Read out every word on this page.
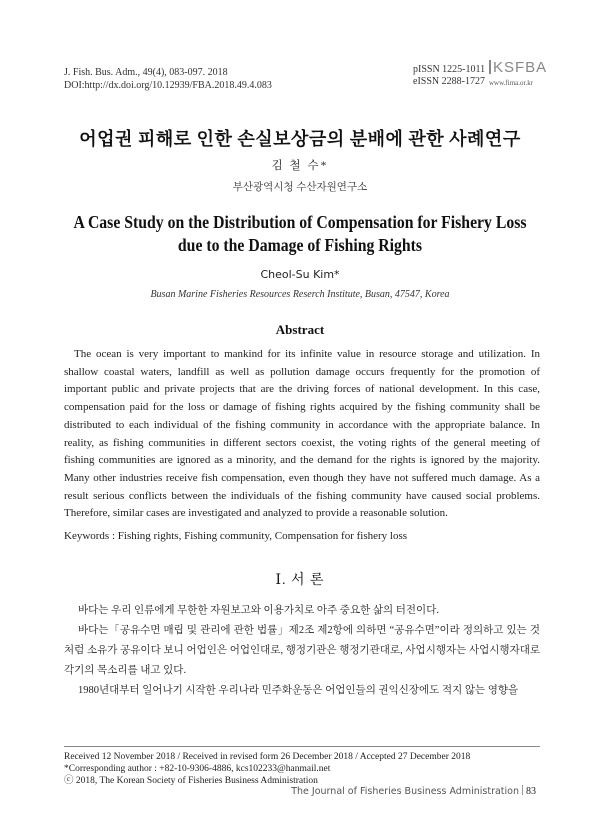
J. Fish. Bus. Adm., 49(4), 083-097. 2018
DOI:http://dx.doi.org/10.12939/FBA.2018.49.4.083
pISSN 1225-1011
eISSN 2288-1727
KSFBA
www.fima.or.kr
어업권 피해로 인한 손실보상금의 분배에 관한 사례연구
김 철 수*
부산광역시청 수산자원연구소
A Case Study on the Distribution of Compensation for Fishery Loss
due to the Damage of Fishing Rights
Cheol-Su Kim*
Busan Marine Fisheries Resources Reserch Institute, Busan, 47547, Korea
Abstract

The ocean is very important to mankind for its infinite value in resource storage and utilization. In shallow coastal waters, landfill as well as pollution damage occurs frequently for the promotion of important public and private projects that are the driving forces of national development. In this case, compensation paid for the loss or damage of fishing rights acquired by the fishing community shall be distributed to each individual of the fishing community in accordance with the appropriate balance. In reality, as fishing communities in different sectors coexist, the voting rights of the general meeting of fishing communities are ignored as a minority, and the demand for the rights is ignored by the majority. Many other industries receive fish compensation, even though they have not suffered much damage. As a result serious conflicts between the individuals of the fishing community have caused social problems. Therefore, similar cases are investigated and analyzed to provide a reasonable solution.

Keywords : Fishing rights, Fishing community, Compensation for fishery loss
Ⅰ. 서 론

바다는 우리 인류에게 무한한 자원보고와 이용가치로 아주 중요한 삶의 터전이다.

바다는「공유수면 매립 및 관리에 관한 법률」제2조 제2항에 의하면 “공유수면”이라 정의하고 있는 것처럼 소유가 공유이다 보니 어업인은 어업인대로, 행정기관은 행정기관대로, 사업시행자는 사업시행자대로 각기의 목소리를 내고 있다.

1980년대부터 일어나기 시작한 우리나라 민주화운동은 어업인들의 권익신장에도 적지 않는 영향을

Received 12 November 2018 / Received in revised form 26 December 2018 / Accepted 27 December 2018
*Corresponding author : +82-10-9306-4886, kcs102233@hanmail.net
ⓒ 2018, The Korean Society of Fisheries Business Administration
The Journal of Fisheries Business Administration 83
